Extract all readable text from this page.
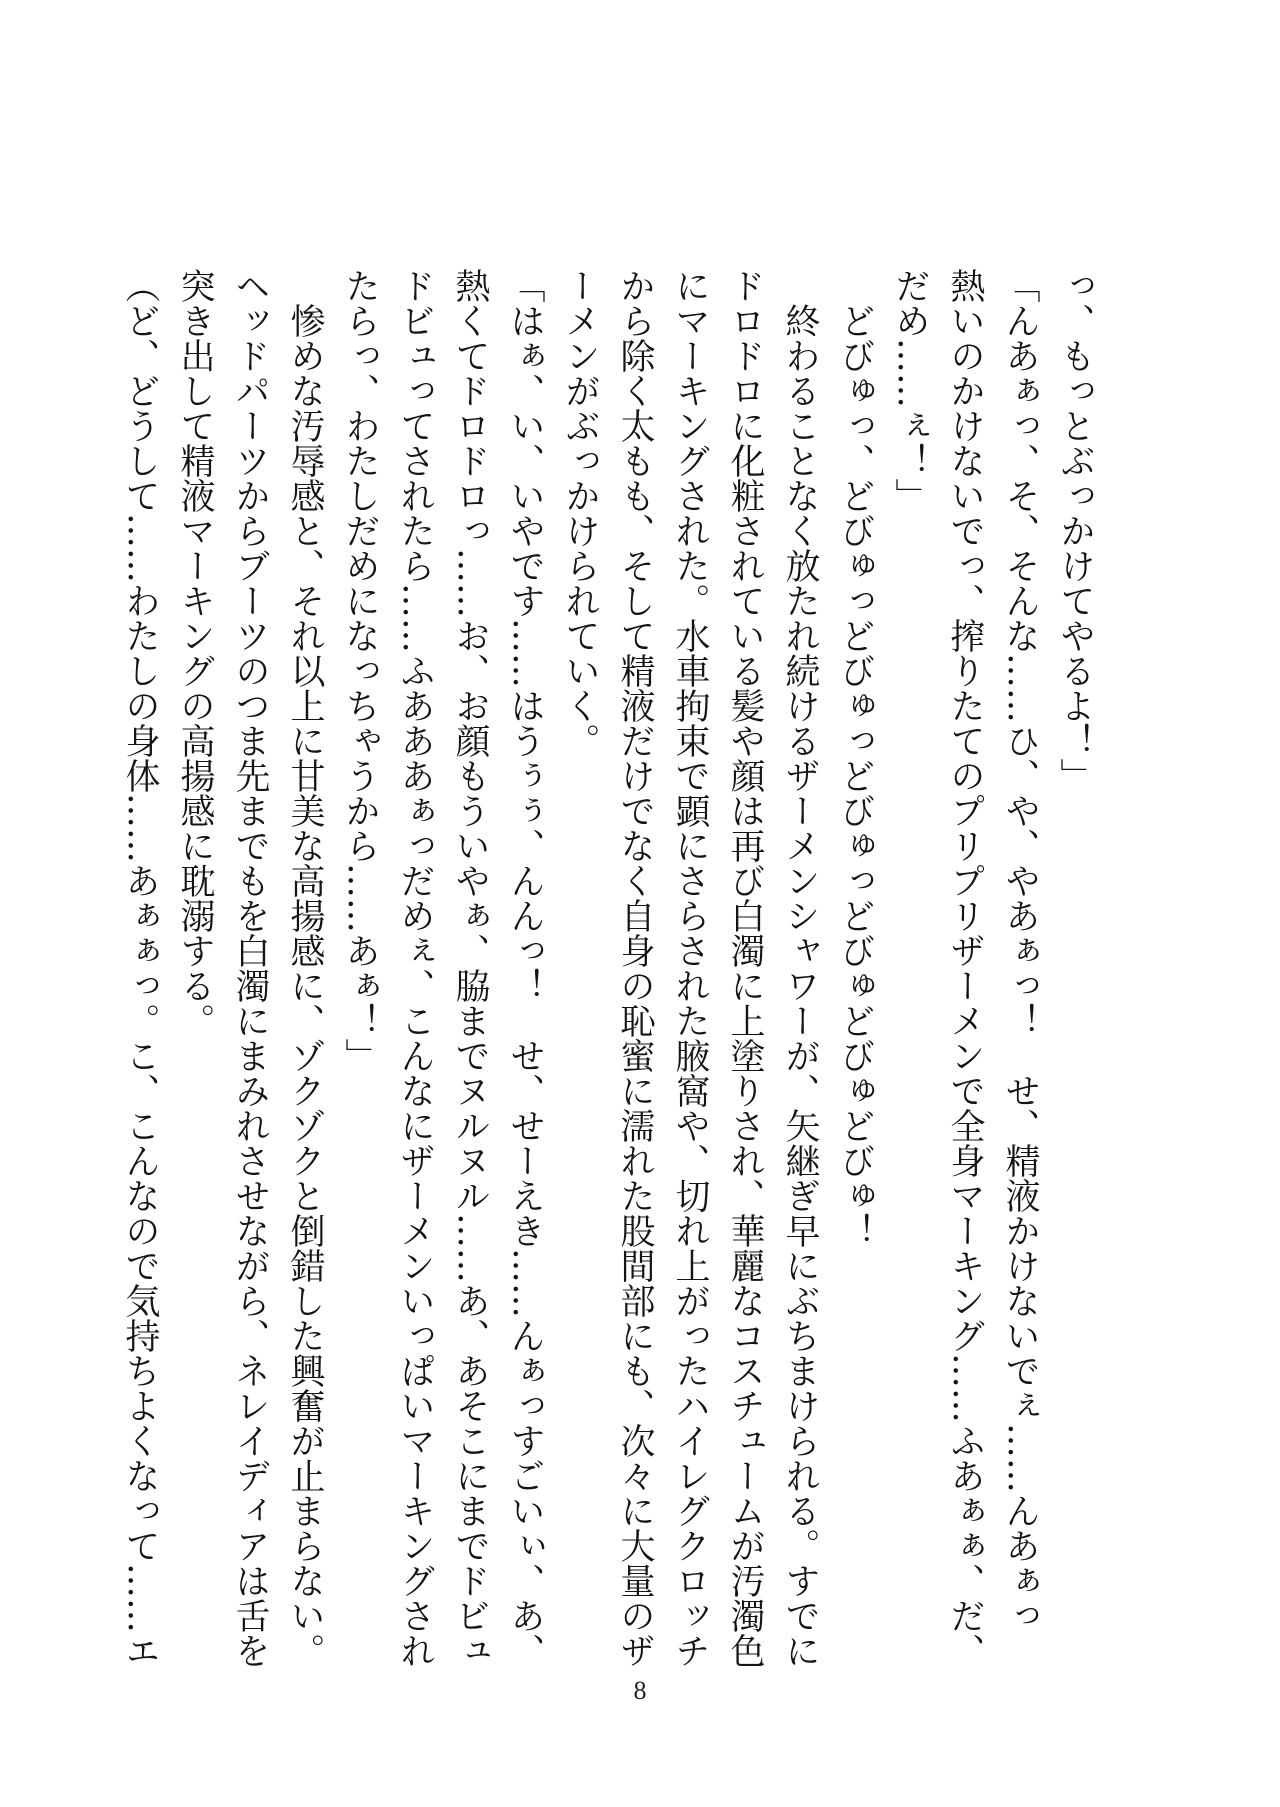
っ、もっとぶっかけてやるよ！」
「んあぁっ、そ、そんな……ひ、や、やあぁっ！　せ、精液かけないでぇ……んあぁっ
熱いのかけないでっ、搾りたてのプリプリザーメンで全身マーキング……ふあぁぁ、だ、
だめ……ぇ！」
　どびゅっ、どびゅっどびゅっどびゅっどびゅどびゅどびゅ！
　終わることなく放たれ続けるザーメンシャワーが、矢継ぎ早にぶちまけられる。すでに
ドロドロに化粧されている髪や顔は再び白濁に上塗りされ、華麗なコスチュームが汚濁色
にマーキングされた。水車拘束で顕にさらされた腋窩や、切れ上がったハイレグクロッチ
から除く太もも、そして精液だけでなく自身の恥蜜に濡れた股間部にも、次々に大量のザ
ーメンがぶっかけられていく。
「はぁ、い、いやです……はうぅぅ、んんっ！　せ、せーえき……んぁっすごいぃ、あ、
熱くてドロドロっ……お、お顔もういやぁ、脇までヌルヌル……あ、あそこにまでドビュ
ドビュってされたら……ふあああぁっだめぇ、こんなにザーメンいっぱいマーキングされ
たらっ、わたしだめになっちゃうから……あぁ！」
　惨めな汚辱感と、それ以上に甘美な高揚感に、ゾクゾクと倒錯した興奮が止まらない。
ヘッドパーツからブーツのつま先までもを白濁にまみれさせながら、ネレイディアは舌を
突き出して精液マーキングの高揚感に耽溺する。
（ど、どうして……わたしの身体……あぁぁっ。こ、こんなので気持ちよくなって……エ
8
